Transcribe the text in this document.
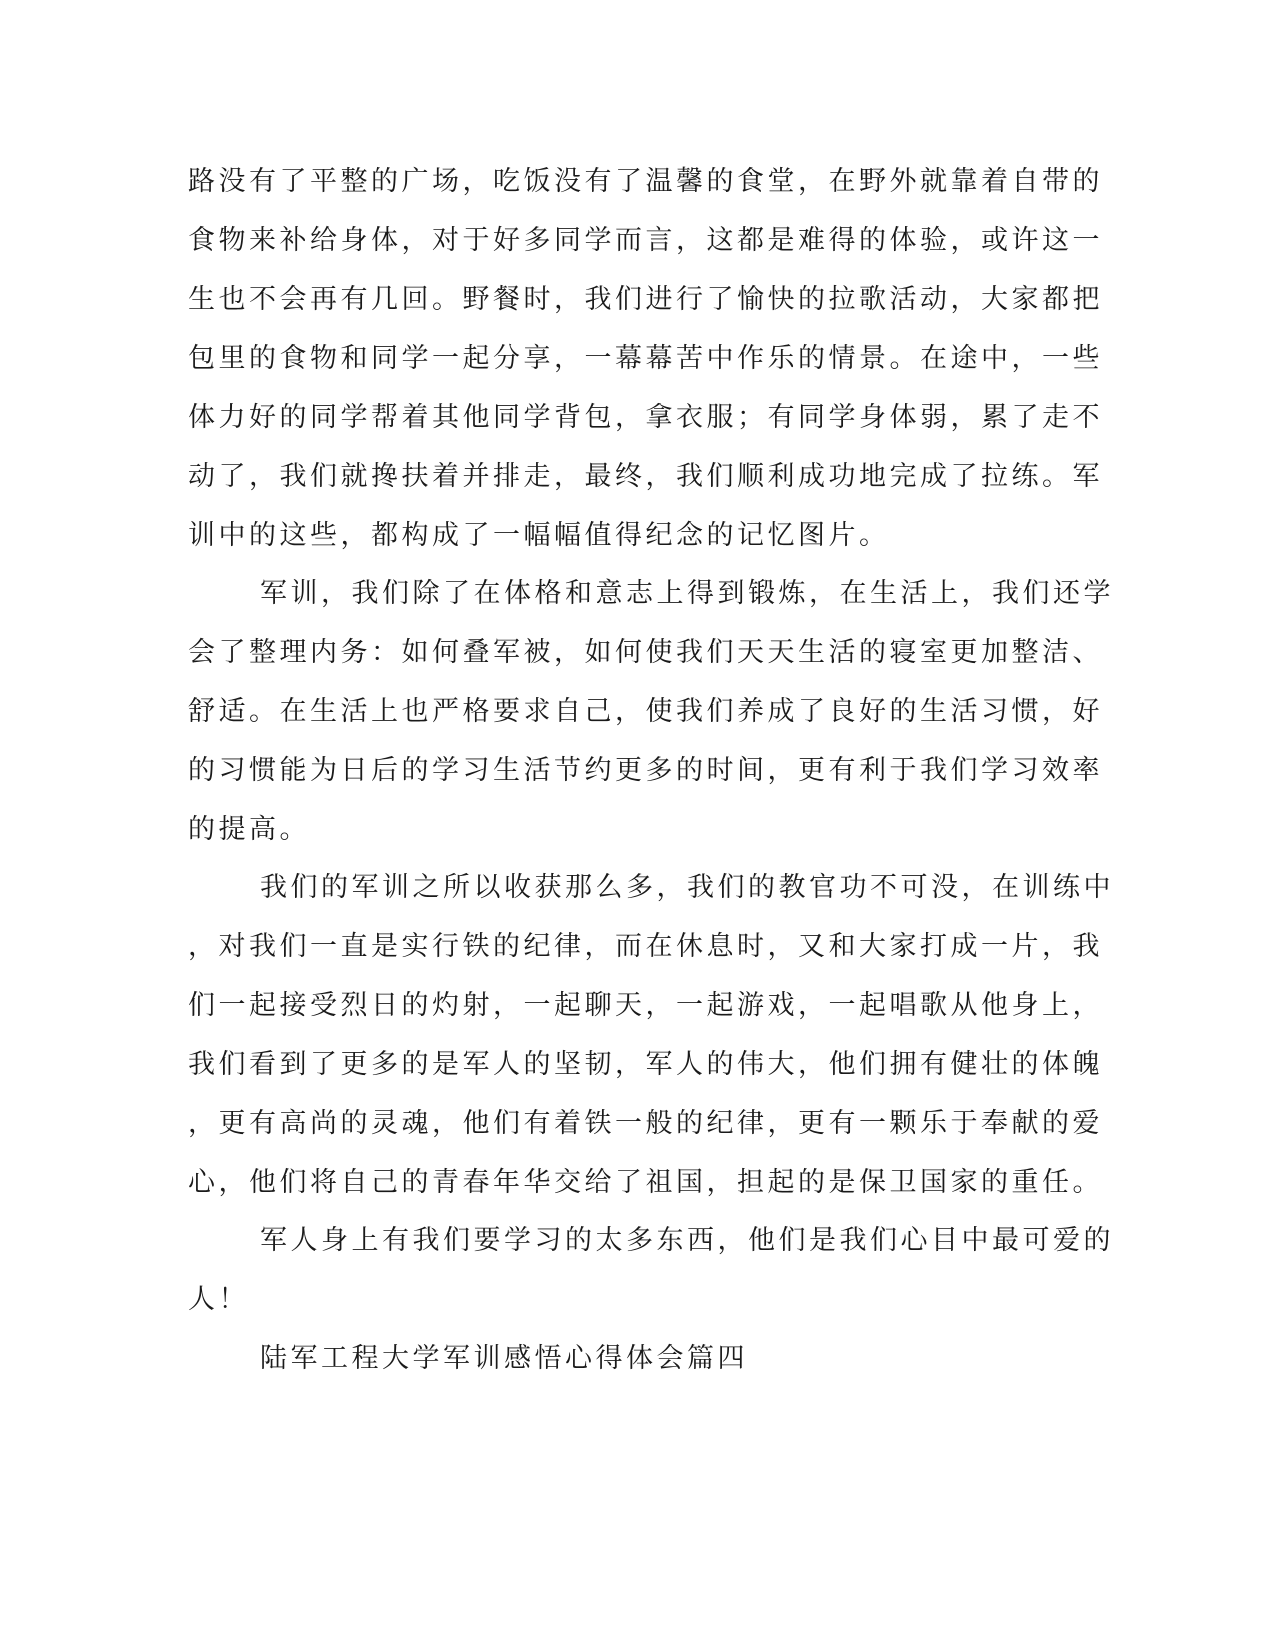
路没有了平整的广场，吃饭没有了温馨的食堂，在野外就靠着自带的
食物来补给身体，对于好多同学而言，这都是难得的体验，或许这一
生也不会再有几回。野餐时，我们进行了愉快的拉歌活动，大家都把
包里的食物和同学一起分享，一幕幕苦中作乐的情景。在途中，一些
体力好的同学帮着其他同学背包，拿衣服；有同学身体弱，累了走不
动了，我们就搀扶着并排走，最终，我们顺利成功地完成了拉练。军
训中的这些，都构成了一幅幅值得纪念的记忆图片。
军训，我们除了在体格和意志上得到锻炼，在生活上，我们还学
会了整理内务：如何叠军被，如何使我们天天生活的寝室更加整洁、
舒适。在生活上也严格要求自己，使我们养成了良好的生活习惯，好
的习惯能为日后的学习生活节约更多的时间，更有利于我们学习效率
的提高。
我们的军训之所以收获那么多，我们的教官功不可没，在训练中
，对我们一直是实行铁的纪律，而在休息时，又和大家打成一片，我
们一起接受烈日的灼射，一起聊天，一起游戏，一起唱歌从他身上，
我们看到了更多的是军人的坚韧，军人的伟大，他们拥有健壮的体魄
，更有高尚的灵魂，他们有着铁一般的纪律，更有一颗乐于奉献的爱
心，他们将自己的青春年华交给了祖国，担起的是保卫国家的重任。
军人身上有我们要学习的太多东西，他们是我们心目中最可爱的
人！
陆军工程大学军训感悟心得体会篇四
